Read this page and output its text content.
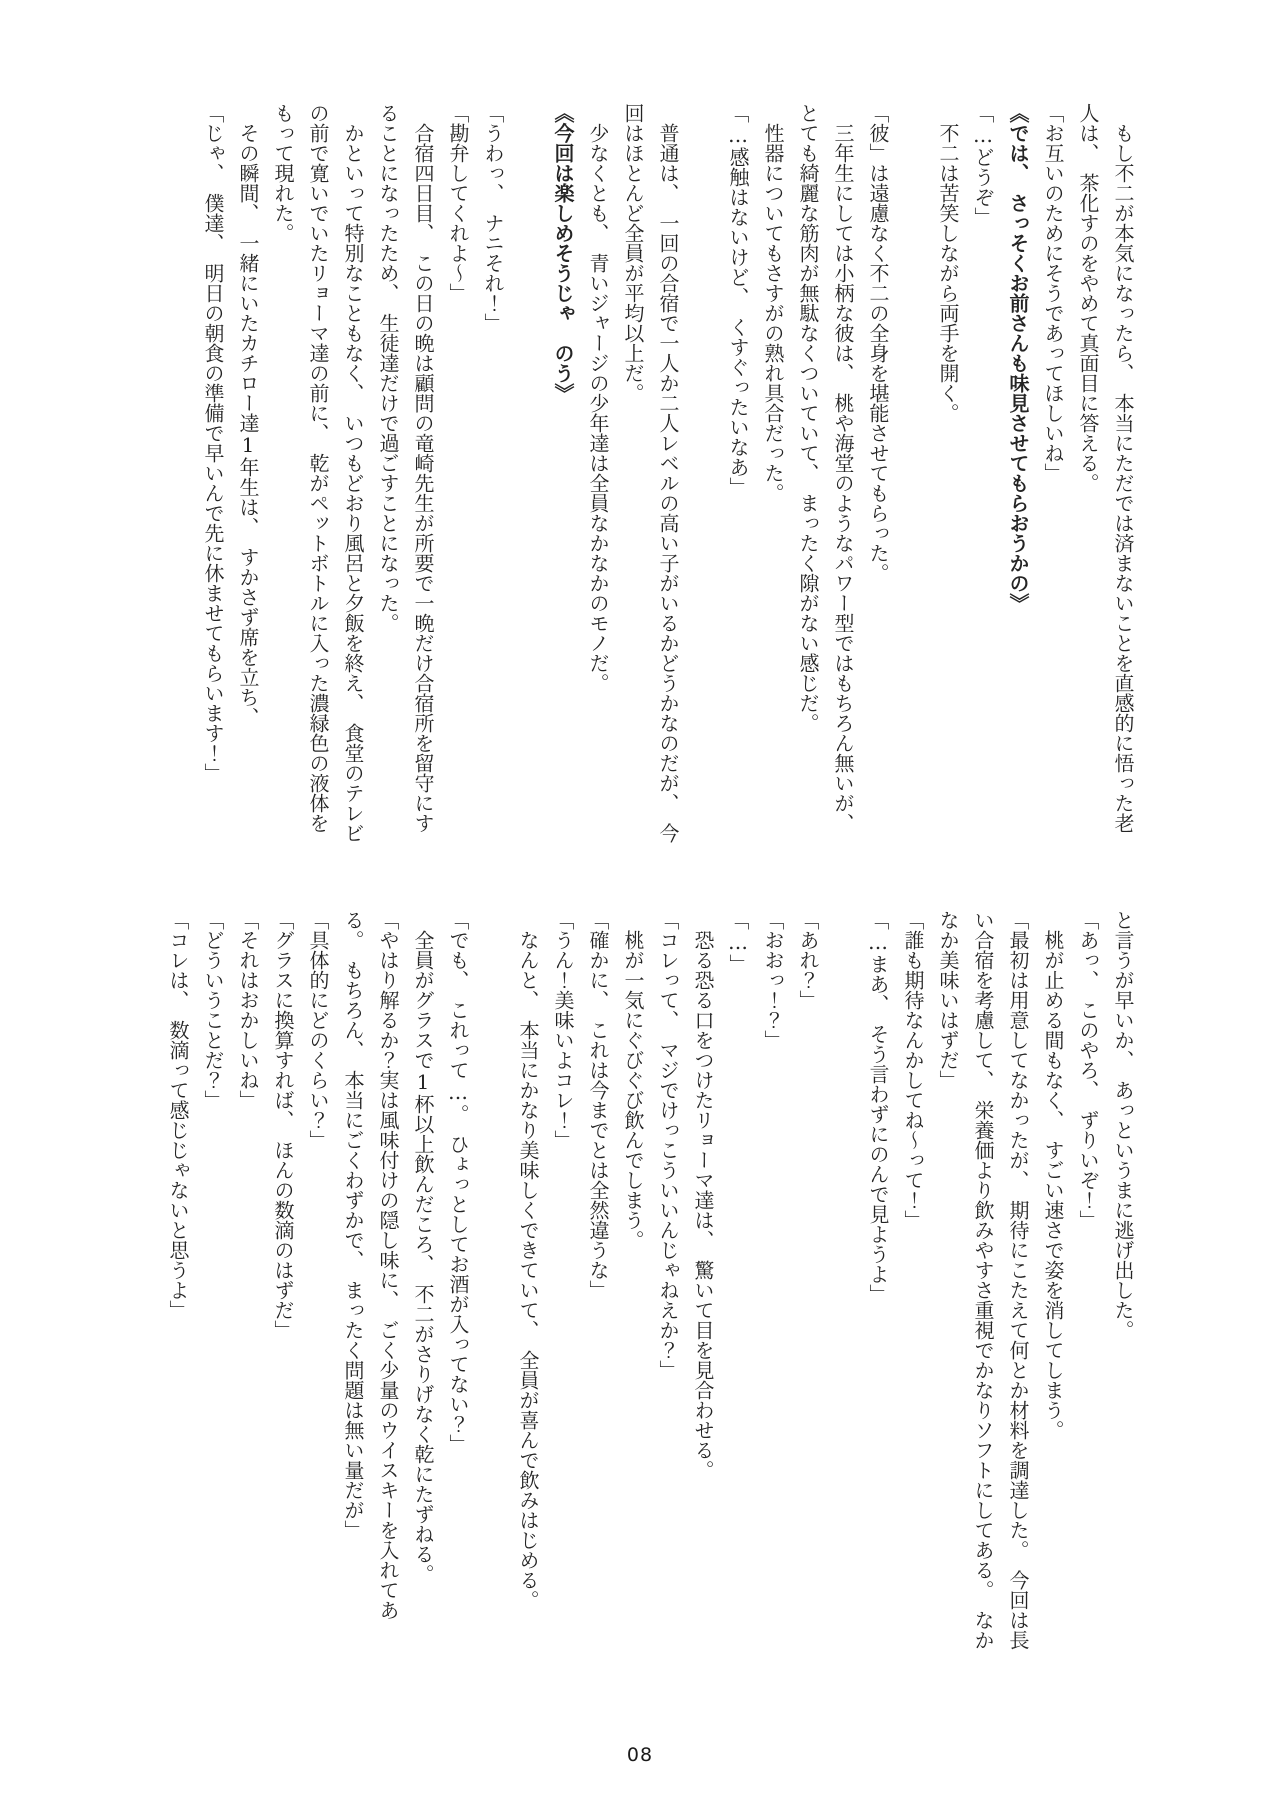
もし不二が本気になったら、　本当にただでは済まないことを直感的に悟った老

人は、　茶化すのをやめて真面目に答える。

「お互いのためにそうであってほしいね」

《では、　さっそくお前さんも味見させてもらおうかの》

「…どうぞ」

不二は苦笑しながら両手を開く。

「彼」は遠慮なく不二の全身を堪能させてもらった。

三年生にしては小柄な彼は、　桃や海堂のようなパワー型ではもちろん無いが、

とても綺麗な筋肉が無駄なくついていて、　まったく隙がない感じだ。

性器についてもさすがの熟れ具合だった。

「…感触はないけど、　くすぐったいなあ」

普通は、　一回の合宿で一人か二人レベルの高い子がいるかどうかなのだが、　今

回はほとんど全員が平均以上だ。

少なくとも、　青いジャージの少年達は全員なかなかのモノだ。

《今回は楽しめそうじゃ　のう》

「うわっ、　ナニそれ！」

「勘弁してくれよ〜」

合宿四日目、　この日の晩は顧問の竜崎先生が所要で一晩だけ合宿所を留守にす

ることになったため、　生徒達だけで過ごすことになった。

かといって特別なこともなく、　いつもどおり風呂と夕飯を終え、　食堂のテレビ

の前で寛いでいたリョーマ達の前に、　乾がペットボトルに入った濃緑色の液体を

もって現れた。

その瞬間、　一緒にいたカチロー達1年生は、　すかさず席を立ち、

「じゃ、　僕達、　明日の朝食の準備で早いんで先に休ませてもらいます！」

と言うが早いか、　あっというまに逃げ出した。

「あっ、　このやろ、　ずりいぞ！」

桃が止める間もなく、　すごい速さで姿を消してしまう。

「最初は用意してなかったが、　期待にこたえて何とか材料を調達した。　今回は長

い合宿を考慮して、　栄養価より飲みやすさ重視でかなりソフトにしてある。　なか

なか美味いはずだ」

「誰も期待なんかしてね〜って！」

「…まあ、　そう言わずにのんで見ようよ」

「あれ？」

「おおっ！？」

「…」

恐る恐る口をつけたリョーマ達は、　驚いて目を見合わせる。

「コレって、　マジでけっこういいんじゃねえか？」

桃が一気にぐびぐび飲んでしまう。

「確かに、　これは今までとは全然違うな」

「うん！美味いよコレ！」

なんと、　本当にかなり美味しくできていて、　全員が喜んで飲みはじめる。

「でも、　これって…。　ひょっとしてお酒が入ってない？」

全員がグラスで1杯以上飲んだころ、　不二がさりげなく乾にたずねる。

「やはり解るか？実は風味付けの隠し味に、　ごく少量のウイスキーを入れてあ

る。　もちろん、　本当にごくわずかで、　まったく問題は無い量だが」

「具体的にどのくらい？」

「グラスに換算すれば、　ほんの数滴のはずだ」

「それはおかしいね」

「どういうことだ？」

「コレは、　数滴って感じじゃないと思うよ」

08
